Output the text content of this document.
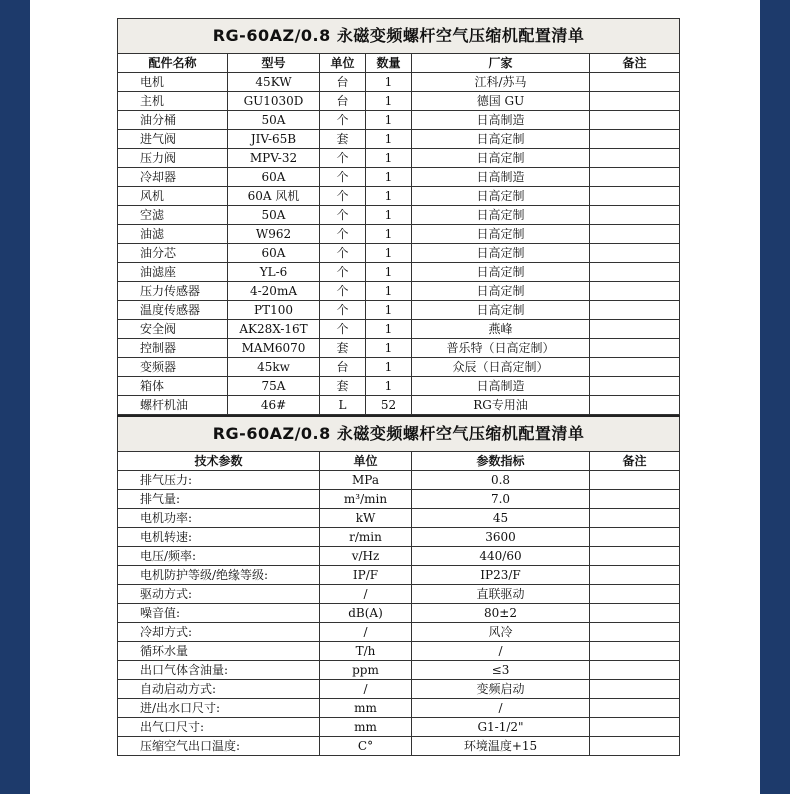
RG-60AZ/0.8 永磁变频螺杆空气压缩机配置清单					
配件名称	型号	单位	数量	厂家	备注
电机	45KW	台	1	江科/苏马	
主机	GU1030D	台	1	德国 GU	
油分桶	50A	个	1	日高制造	
进气阀	JIV-65B	套	1	日高定制	
压力阀	MPV-32	个	1	日高定制	
冷却器	60A	个	1	日高制造	
风机	60A 风机	个	1	日高定制	
空滤	50A	个	1	日高定制	
油滤	W962	个	1	日高定制	
油分芯	60A	个	1	日高定制	
油滤座	YL-6	个	1	日高定制	
压力传感器	4-20mA	个	1	日高定制	
温度传感器	PT100	个	1	日高定制	
安全阀	AK28X-16T	个	1	燕峰	
控制器	MAM6070	套	1	普乐特（日高定制）	
变频器	45kw	台	1	众辰（日高定制）	
箱体	75A	套	1	日高制造	
螺杆机油	46#	L	52	RG专用油	
RG-60AZ/0.8 永磁变频螺杆空气压缩机配置清单			
技术参数	单位	参数指标	备注
排气压力:	MPa	0.8	
排气量:	m³/min	7.0	
电机功率:	kW	45	
电机转速:	r/min	3600	
电压/频率:	v/Hz	440/60	
电机防护等级/绝缘等级:	IP/F	IP23/F	
驱动方式:	/	直联驱动	
噪音值:	dB(A)	80±2	
冷却方式:	/	风冷	
循环水量	T/h	/	
出口气体含油量:	ppm	≤3	
自动启动方式:	/	变频启动	
进/出水口尺寸:	mm	/	
出气口尺寸:	mm	G1-1/2"	
压缩空气出口温度:	C°	环境温度+15	
